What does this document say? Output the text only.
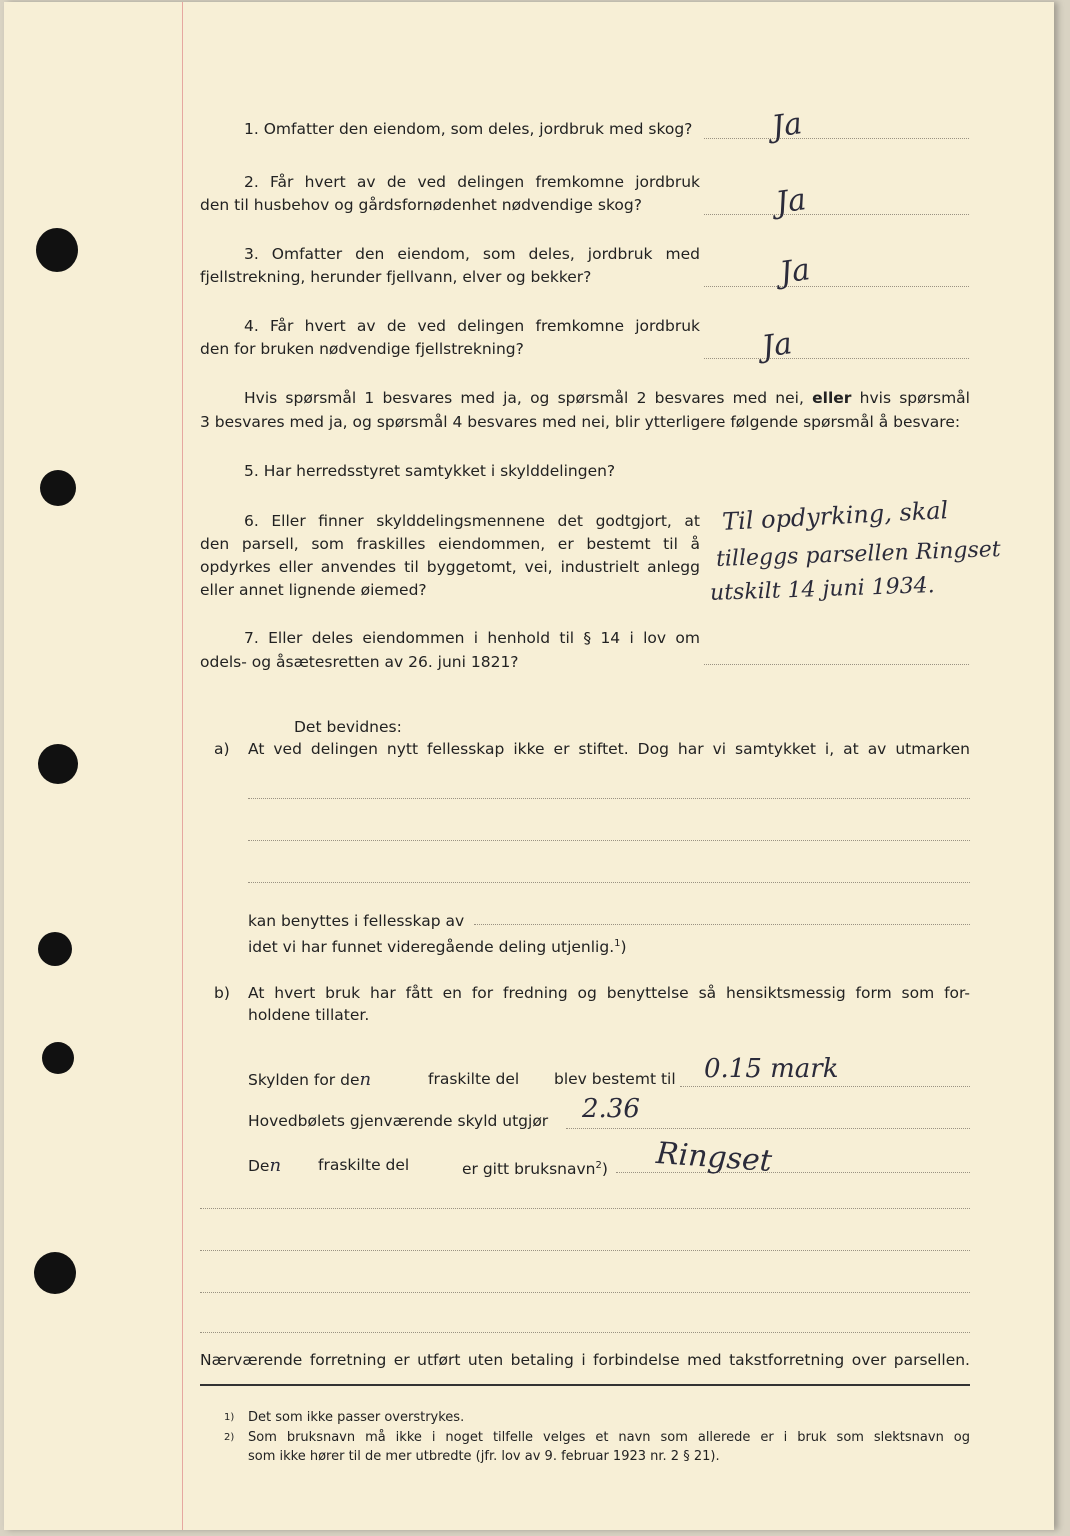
1. Omfatter den eiendom, som deles, jordbruk med skog?	Ja
2. Får hvert av de ved delingen fremkomne jordbruk
den til husbehov og gårdsfornødenhet nødvendige skog?	Ja
3. Omfatter den eiendom, som deles, jordbruk med
fjellstrekning, herunder fjellvann, elver og bekker?	Ja
4. Får hvert av de ved delingen fremkomne jordbruk
den for bruken nødvendige fjellstrekning?	Ja
Hvis spørsmål 1 besvares med ja, og spørsmål 2 besvares med nei, eller hvis spørsmål
3 besvares med ja, og spørsmål 4 besvares med nei, blir ytterligere følgende spørsmål å besvare:
5. Har herredsstyret samtykket i skylddelingen?
6. Eller finner skylddelingsmennene det godtgjort, at
den parsell, som fraskilles eiendommen, er bestemt til å
opdyrkes eller anvendes til byggetomt, vei, industrielt anlegg
eller annet lignende øiemed?
Til opdyrking, skal
tilleggs parsellen Ringset
utskilt 14 juni 1934.
7. Eller deles eiendommen i henhold til § 14 i lov om
odels- og åsætesretten av 26. juni 1821?
Det bevidnes:
a) At ved delingen nytt fellesskap ikke er stiftet. Dog har vi samtykket i, at av utmarken
kan benyttes i fellesskap av
idet vi har funnet videregående deling utjenlig.$^1$)
b) At hvert bruk har fått en for fredning og benyttelse så hensiktsmessig form som for-
holdene tillater.
Skylden for den	fraskilte del blev bestemt til 0.15 mark
Hovedbølets gjenværende skyld utgjør 2.36
Den fraskilte del	er gitt bruksnavn$^2$) Ringset
Nærværende forretning er utført uten betaling i forbindelse med takstforretning over parsellen.
1) Det som ikke passer overstrykes.
2) Som bruksnavn må ikke i noget tilfelle velges et navn som allerede er i bruk som slektsnavn og
som ikke hører til de mer utbredte (jfr. lov av 9. februar 1923 nr. 2 § 21).
